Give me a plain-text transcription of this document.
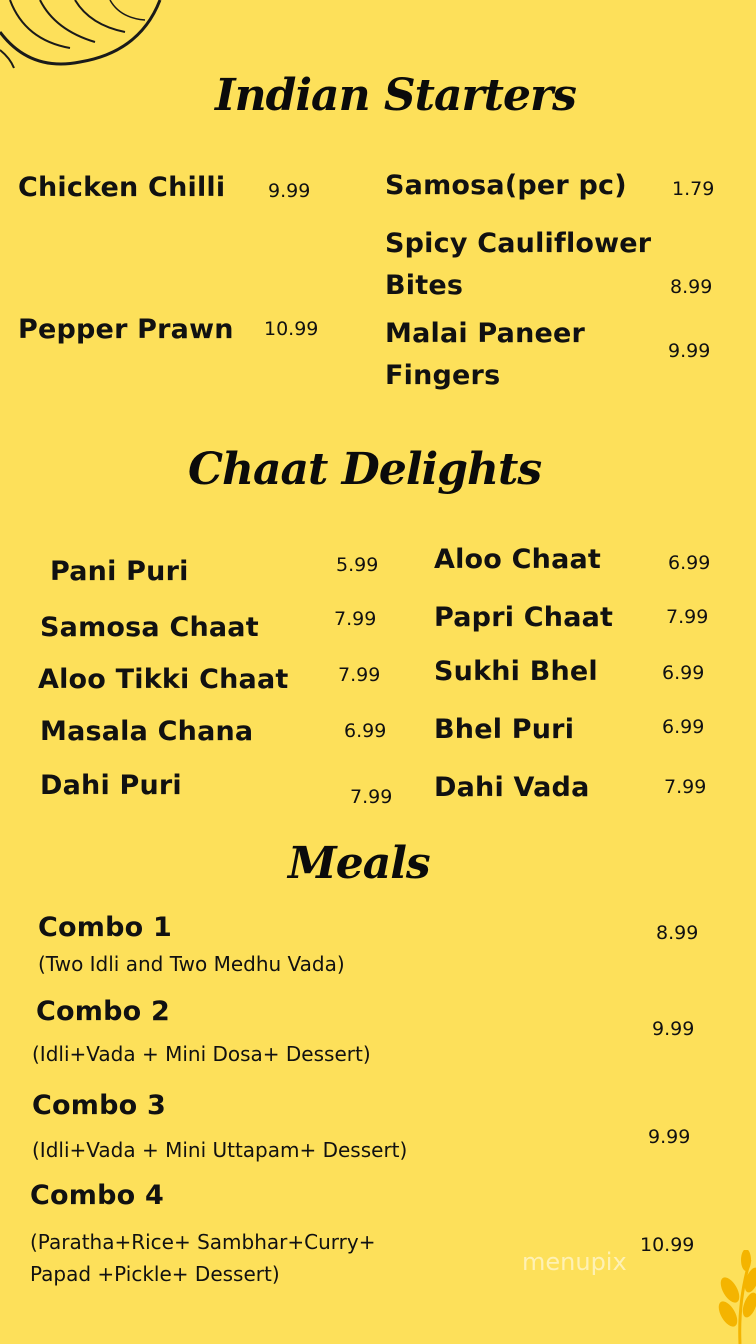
Indian Starters
Chicken Chilli 9.99
Pepper Prawn 10.99
Samosa(per pc) 1.79
Spicy Cauliflower
Bites	8.99
Malai Paneer
Fingers
9.99
Chaat Delights
Pani Puri	5.99
Samosa Chaat	7.99
Aloo Tikki Chaat	7.99
Masala Chana	6.99
Dahi Puri	7.99
Aloo Chaat	6.99
Papri Chaat	7.99
Sukhi Bhel	6.99
Bhel Puri	6.99
Dahi Vada	7.99
Meals
Combo 1
(Two Idli and Two Medhu Vada)
8.99
Combo 2
(Idli+Vada + Mini Dosa+ Dessert)
9.99
Combo 3
(Idli+Vada + Mini Uttapam+ Dessert)
9.99
Combo 4
(Paratha+Rice+ Sambhar+Curry+
Papad +Pickle+ Dessert)
10.99
menupix
